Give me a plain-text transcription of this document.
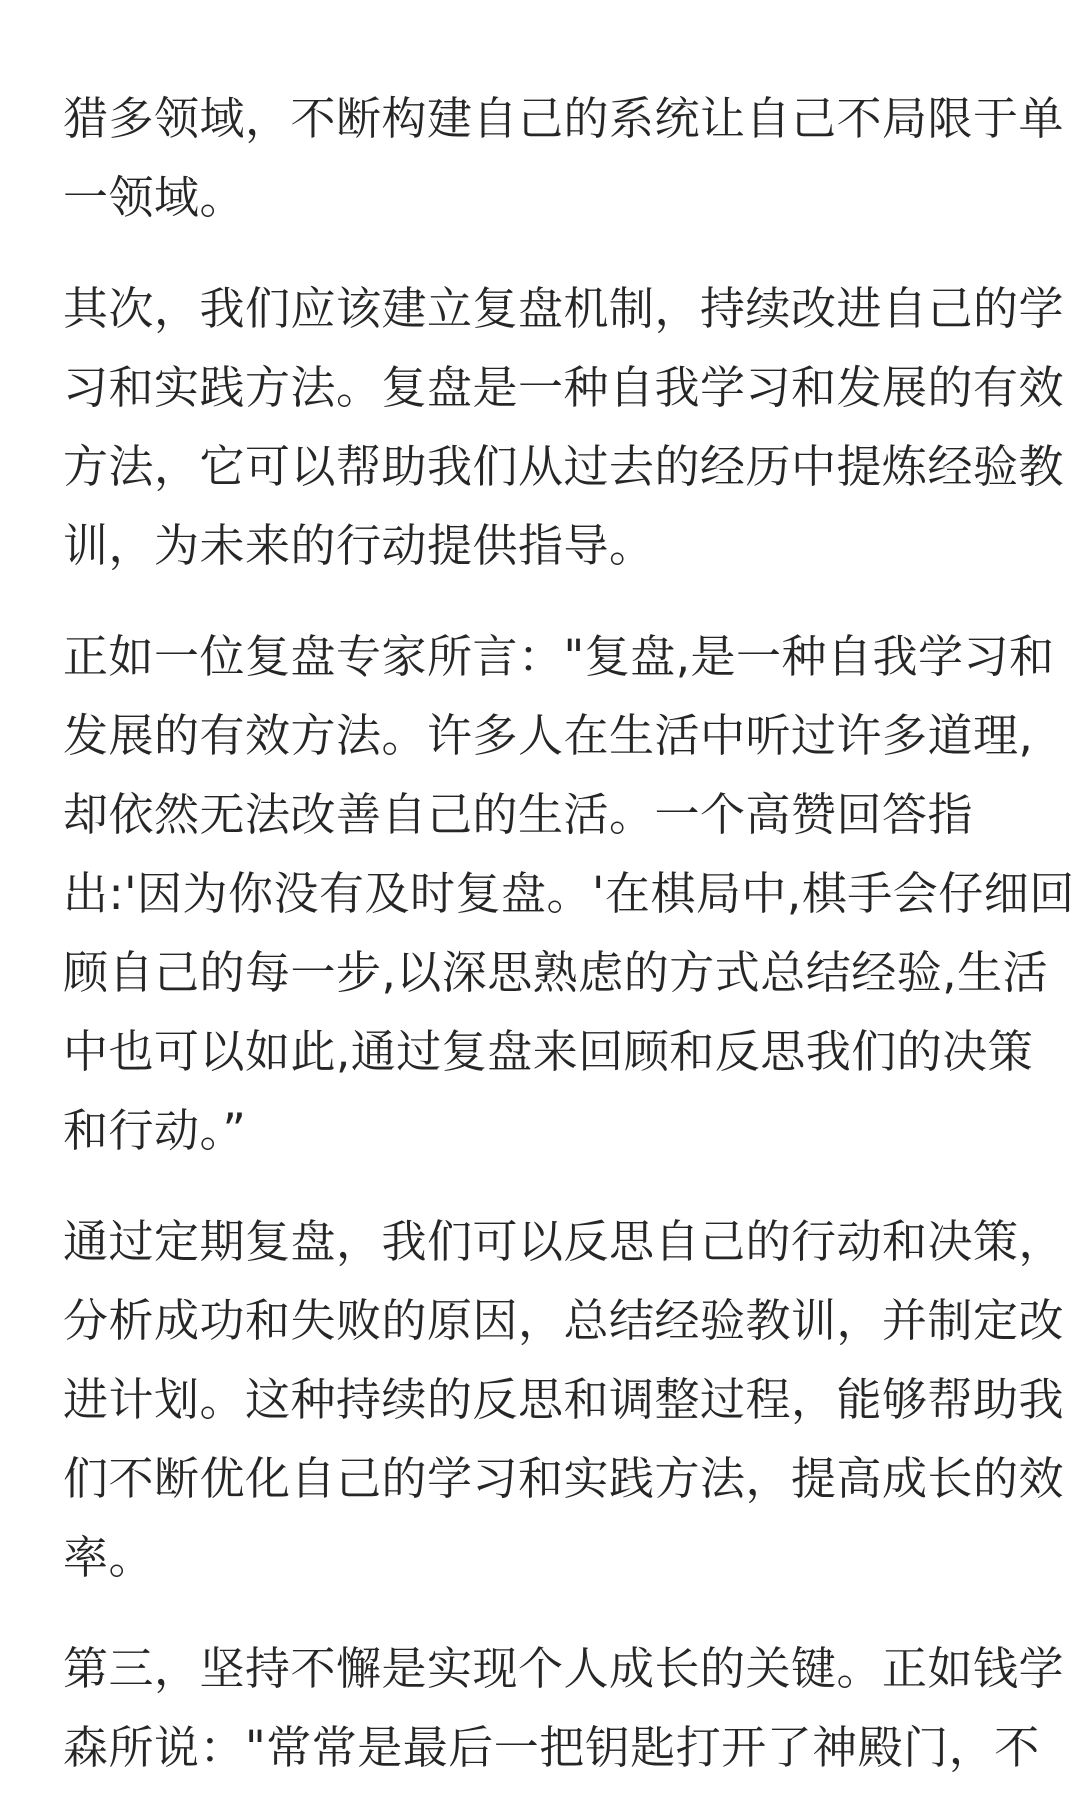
猎多领域，不断构建自己的系统让自己不局限于单
一领域。
其次，我们应该建立复盘机制，持续改进自己的学
习和实践方法。复盘是一种自我学习和发展的有效
方法，它可以帮助我们从过去的经历中提炼经验教
训，为未来的行动提供指导。
正如一位复盘专家所言："复盘,是一种自我学习和
发展的有效方法。许多人在生活中听过许多道理,
却依然无法改善自己的生活。一个高赞回答指
出:'因为你没有及时复盘。'在棋局中,棋手会仔细回
顾自己的每一步,以深思熟虑的方式总结经验,生活
中也可以如此,通过复盘来回顾和反思我们的决策
和行动。”
通过定期复盘，我们可以反思自己的行动和决策，
分析成功和失败的原因，总结经验教训，并制定改
进计划。这种持续的反思和调整过程，能够帮助我
们不断优化自己的学习和实践方法，提高成长的效
率。
第三，坚持不懈是实现个人成长的关键。正如钱学
森所说："常常是最后一把钥匙打开了神殿门，不
